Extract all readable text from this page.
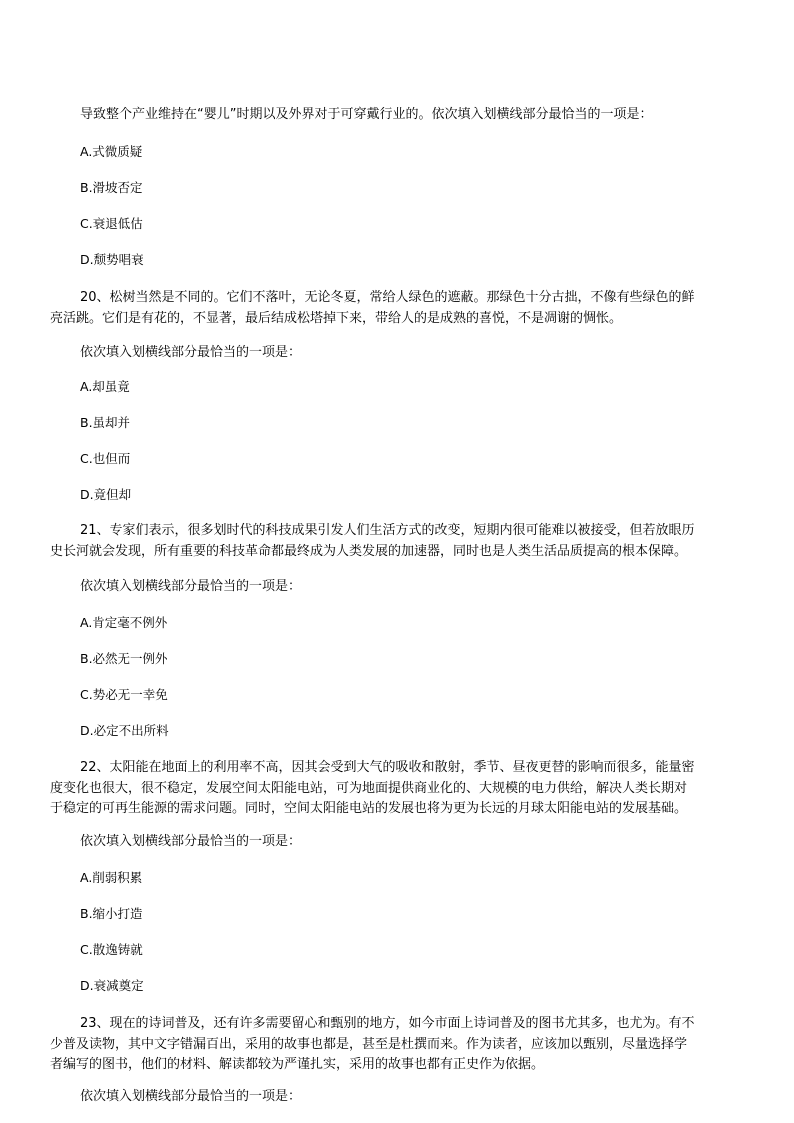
导致整个产业维持在“婴儿”时期以及外界对于可穿戴行业的。依次填入划横线部分最恰当的一项是：
A.式微质疑
B.滑坡否定
C.衰退低估
D.颓势唱衰
20、松树当然是不同的。它们不落叶，无论冬夏，常给人绿色的遮蔽。那绿色十分古拙，不像有些绿色的鲜
亮活跳。它们是有花的，不显著，最后结成松塔掉下来，带给人的是成熟的喜悦，不是凋谢的惆怅。
依次填入划横线部分最恰当的一项是：
A.却虽竟
B.虽却并
C.也但而
D.竟但却
21、专家们表示，很多划时代的科技成果引发人们生活方式的改变，短期内很可能难以被接受，但若放眼历
史长河就会发现，所有重要的科技革命都最终成为人类发展的加速器，同时也是人类生活品质提高的根本保障。
依次填入划横线部分最恰当的一项是：
A.肯定毫不例外
B.必然无一例外
C.势必无一幸免
D.必定不出所料
22、太阳能在地面上的利用率不高，因其会受到大气的吸收和散射，季节、昼夜更替的影响而很多，能量密
度变化也很大，很不稳定，发展空间太阳能电站，可为地面提供商业化的、大规模的电力供给，解决人类长期对
于稳定的可再生能源的需求问题。同时，空间太阳能电站的发展也将为更为长远的月球太阳能电站的发展基础。
依次填入划横线部分最恰当的一项是：
A.削弱积累
B.缩小打造
C.散逸铸就
D.衰减奠定
23、现在的诗词普及，还有许多需要留心和甄别的地方，如今市面上诗词普及的图书尤其多，也尤为。有不
少普及读物，其中文字错漏百出，采用的故事也都是，甚至是杜撰而来。作为读者，应该加以甄别，尽量选择学
者编写的图书，他们的材料、解读都较为严谨扎实，采用的故事也都有正史作为依据。
依次填入划横线部分最恰当的一项是：
